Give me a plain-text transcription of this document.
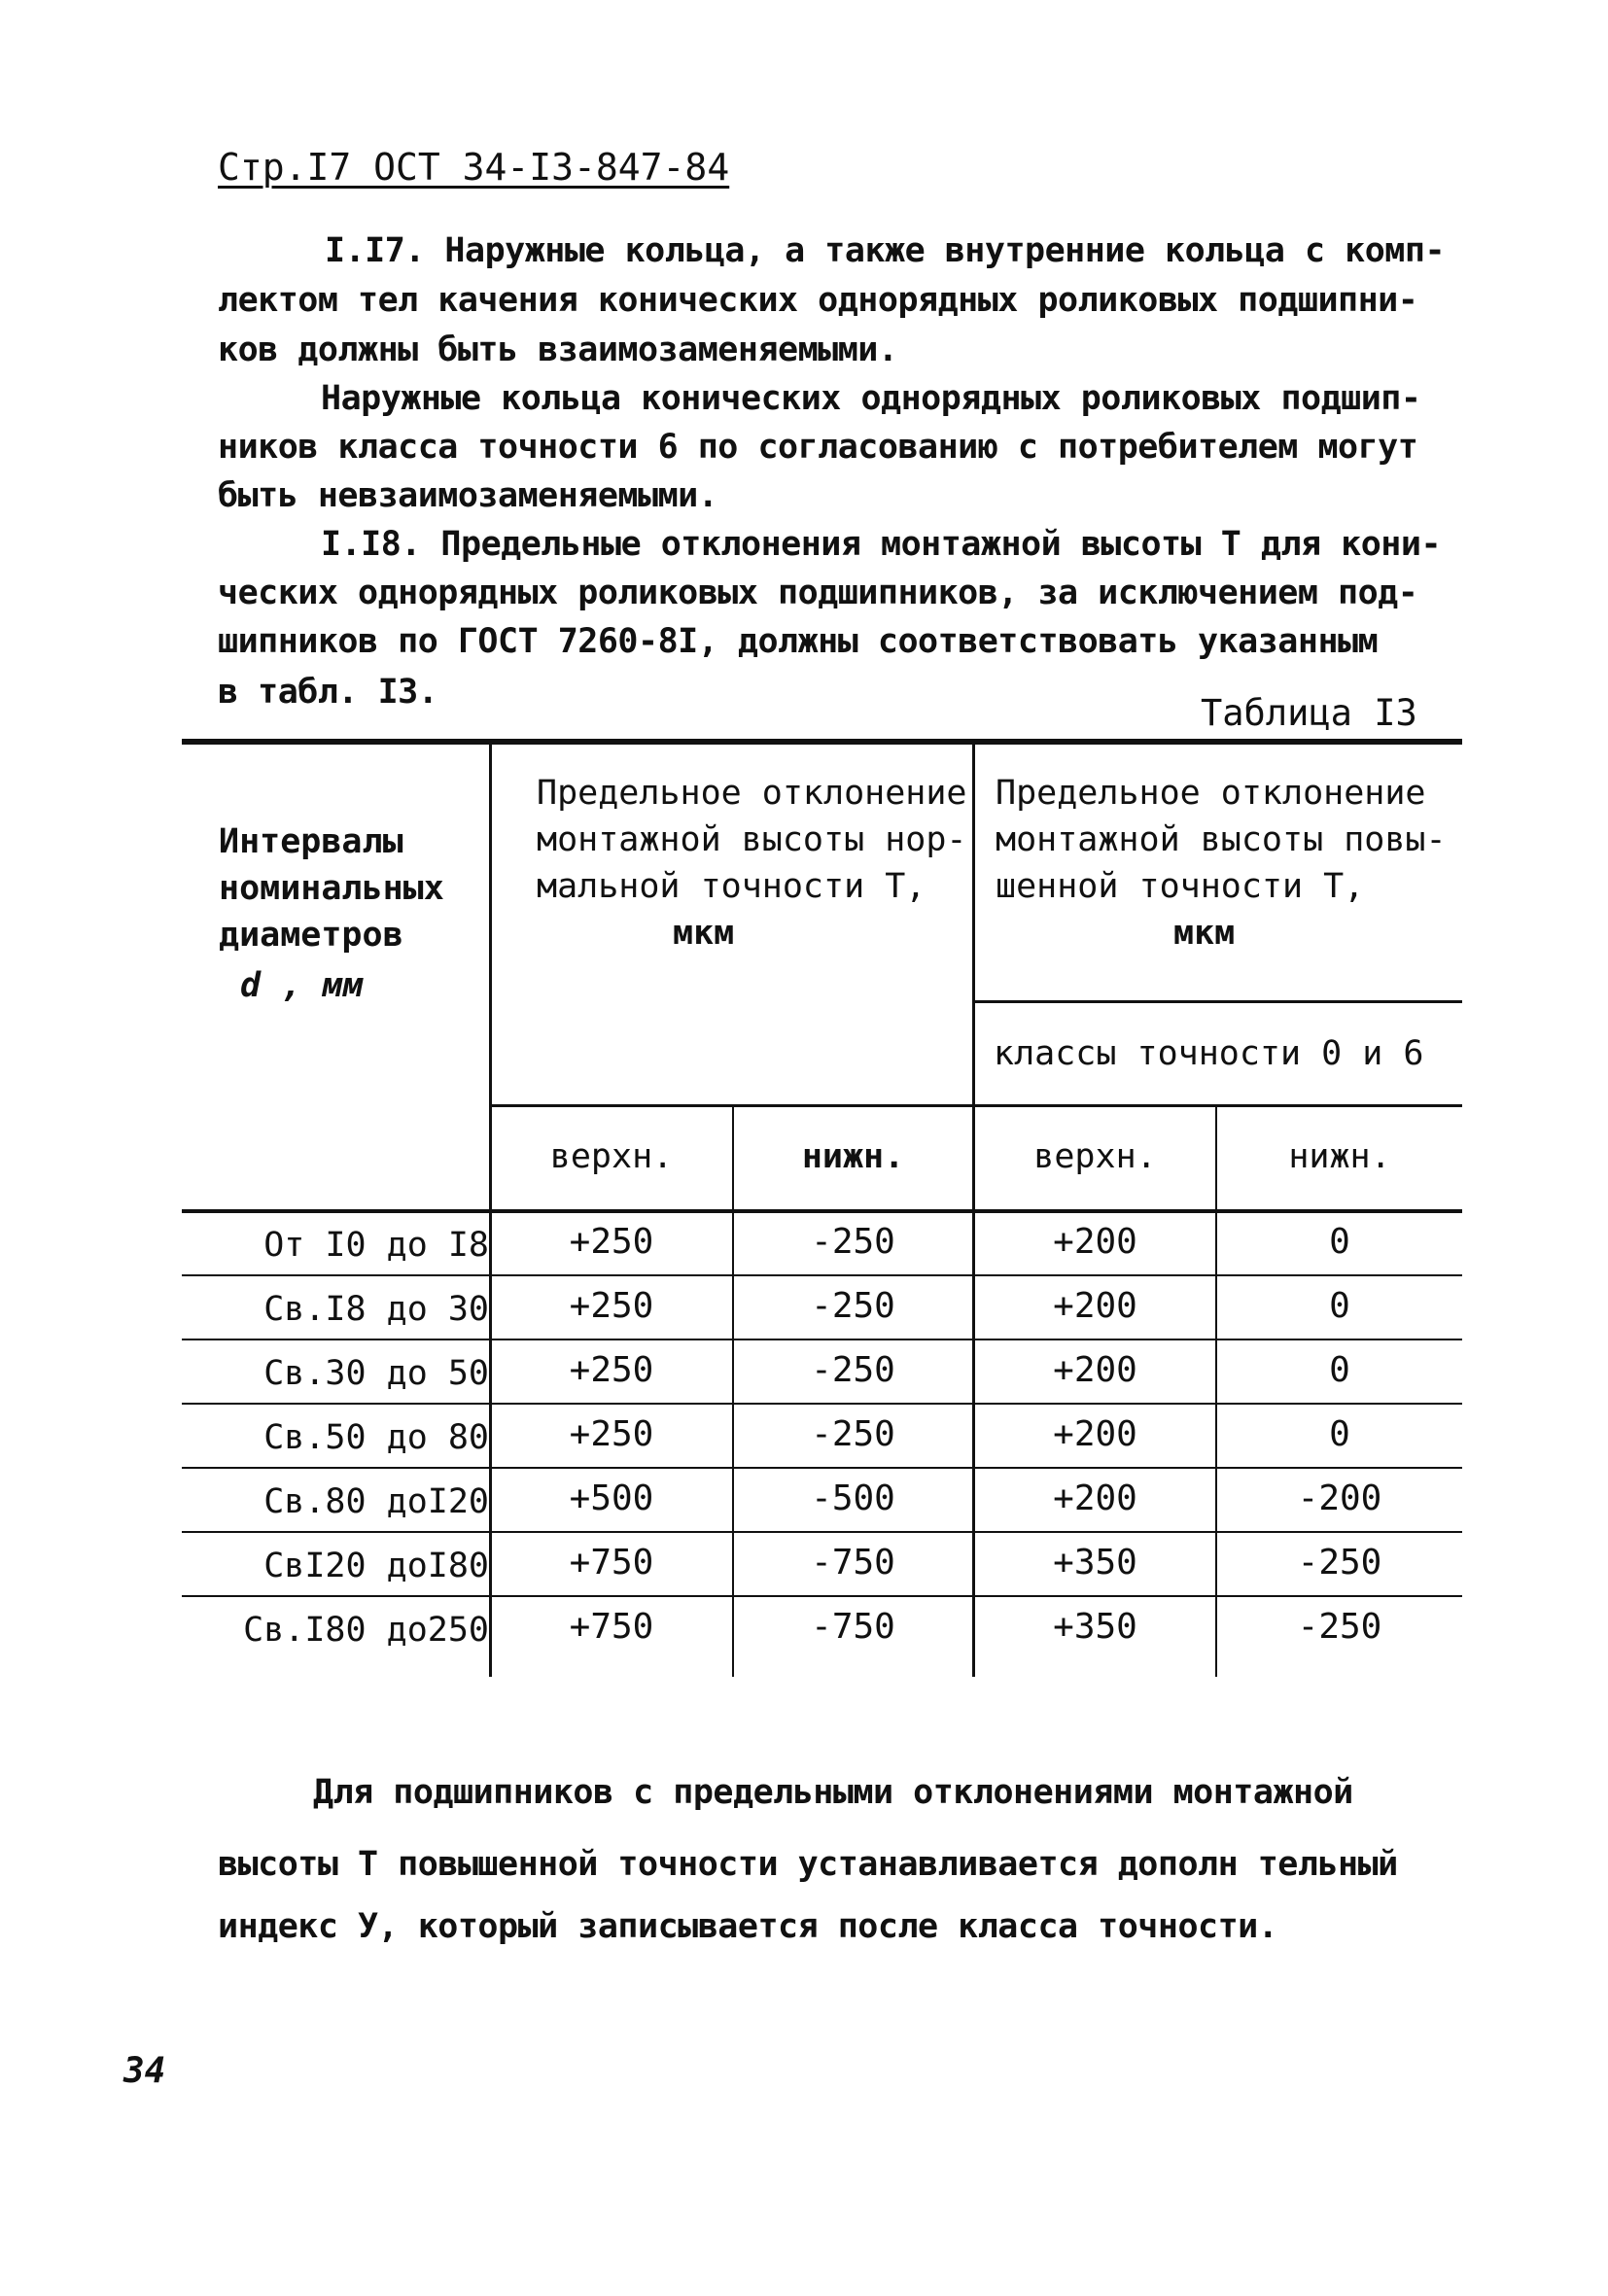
Стр.I7 ОСТ 34-I3-847-84
I.I7. Наружные кольца, а также внутренние кольца с комп-
лектом тел качения конических однорядных роликовых подшипни-
ков должны быть взаимозаменяемыми.
Наружные кольца конических однорядных роликовых подшип-
ников класса точности 6 по согласованию с потребителем могут
быть невзаимозаменяемыми.
I.I8. Предельные отклонения монтажной высоты Т для кони-
ческих однорядных роликовых подшипников, за исключением под-
шипников по ГОСТ 7260-8I, должны соответствовать указанным
в табл. I3.	Таблица I3
Интервалы
номинальных
диаметров
d , мм
Предельное отклонение
монтажной высоты нор-
мальной точности Т,
мкм
Предельное отклонение
монтажной высоты повы-
шенной точности Т,
мкм
классы точности 0 и 6
верхн.	нижн.	верхн.	нижн.
От I0 до I8	+250	-250	+200	0
Св.I8 до 30	+250	-250	+200	0
Св.30 до 50	+250	-250	+200	0
Св.50 до 80	+250	-250	+200	0
Св.80 доI20	+500	-500	+200	-200
СвI20 доI80	+750	-750	+350	-250
Св.I80 до250	+750	-750	+350	-250
Для подшипников с предельными отклонениями монтажной
высоты Т повышенной точности устанавливается дополн тельный
индекс У, который записывается после класса точности.
34
